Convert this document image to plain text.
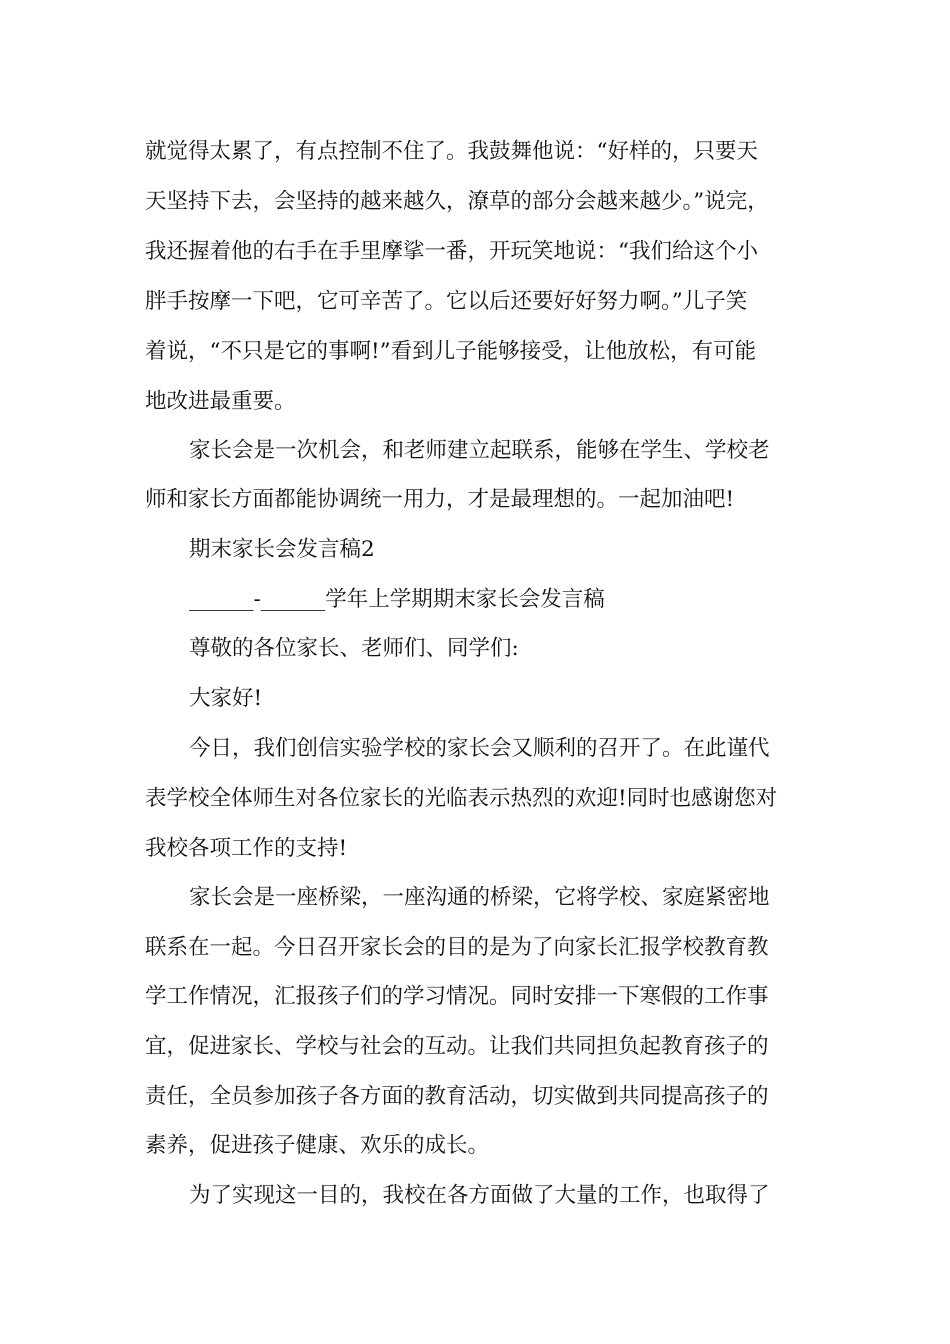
就觉得太累了，有点控制不住了。我鼓舞他说：“好样的，只要天

天坚持下去，会坚持的越来越久，潦草的部分会越来越少。”说完，

我还握着他的右手在手里摩挲一番，开玩笑地说：“我们给这个小

胖手按摩一下吧，它可辛苦了。它以后还要好好努力啊。”儿子笑

着说，“不只是它的事啊!”看到儿子能够接受，让他放松，有可能

地改进最重要。

家长会是一次机会，和老师建立起联系，能够在学生、学校老

师和家长方面都能协调统一用力，才是最理想的。一起加油吧!

期末家长会发言稿2

______-______学年上学期期末家长会发言稿

尊敬的各位家长、老师们、同学们:

大家好!

今日，我们创信实验学校的家长会又顺利的召开了。在此谨代

表学校全体师生对各位家长的光临表示热烈的欢迎!同时也感谢您对

我校各项工作的支持!

家长会是一座桥梁，一座沟通的桥梁，它将学校、家庭紧密地

联系在一起。今日召开家长会的目的是为了向家长汇报学校教育教

学工作情况，汇报孩子们的学习情况。同时安排一下寒假的工作事

宜，促进家长、学校与社会的互动。让我们共同担负起教育孩子的

责任，全员参加孩子各方面的教育活动，切实做到共同提高孩子的

素养，促进孩子健康、欢乐的成长。

为了实现这一目的，我校在各方面做了大量的工作，也取得了
